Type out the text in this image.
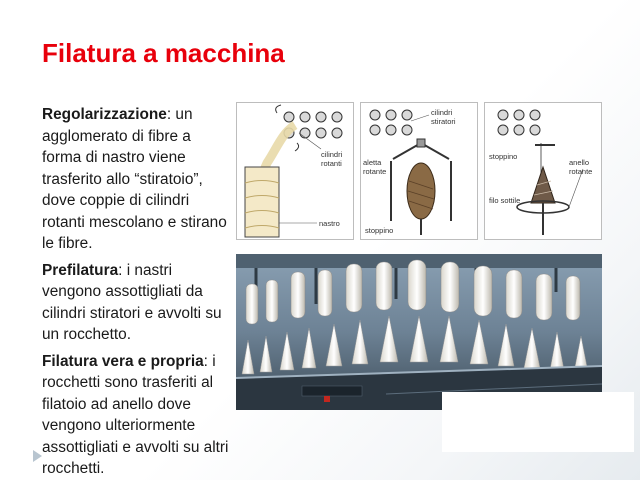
Filatura a macchina

Regolarizzazione: un agglomerato di fibre a forma di nastro viene trasferito allo “stiratoio”, dove coppie di cilindri rotanti mescolano e stirano le fibre.

Prefilatura: i nastri vengono assottigliati da cilindri stiratori e avvolti su un rocchetto.

Filatura vera e propria: i rocchetti sono trasferiti al filatoio ad anello dove vengono ulteriormente assottigliati e avvolti su altri rocchetti.

cilindri
rotanti
nastro
cilindri
stiratori
aletta
rotante
stoppino
stoppino
anello
rotante
filo sottile
